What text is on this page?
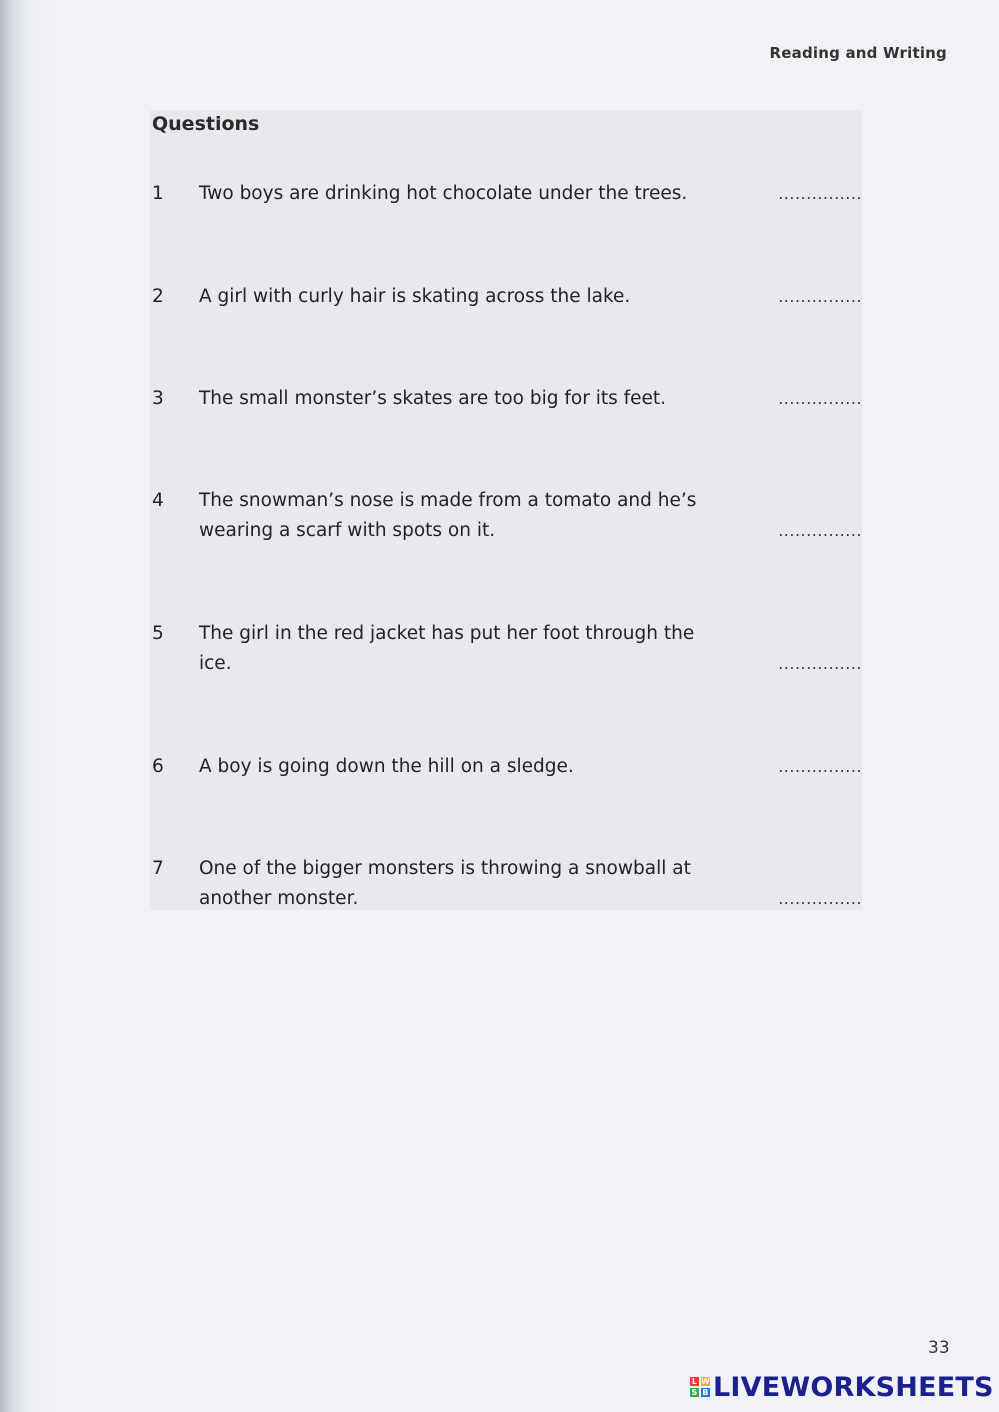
Reading and Writing
Questions
1 Two boys are drinking hot chocolate under the trees.	...............
2 A girl with curly hair is skating across the lake.	...............
3 The small monster’s skates are too big for its feet.	...............
4 The snowman’s nose is made from a tomato and he’s wearing a scarf with spots on it.	...............
5 The girl in the red jacket has put her foot through the ice.	...............
6 A boy is going down the hill on a sledge.	...............
7 One of the bigger monsters is throwing a snowball at another monster.	...............
33
L W
S B LIVEWORKSHEETS
